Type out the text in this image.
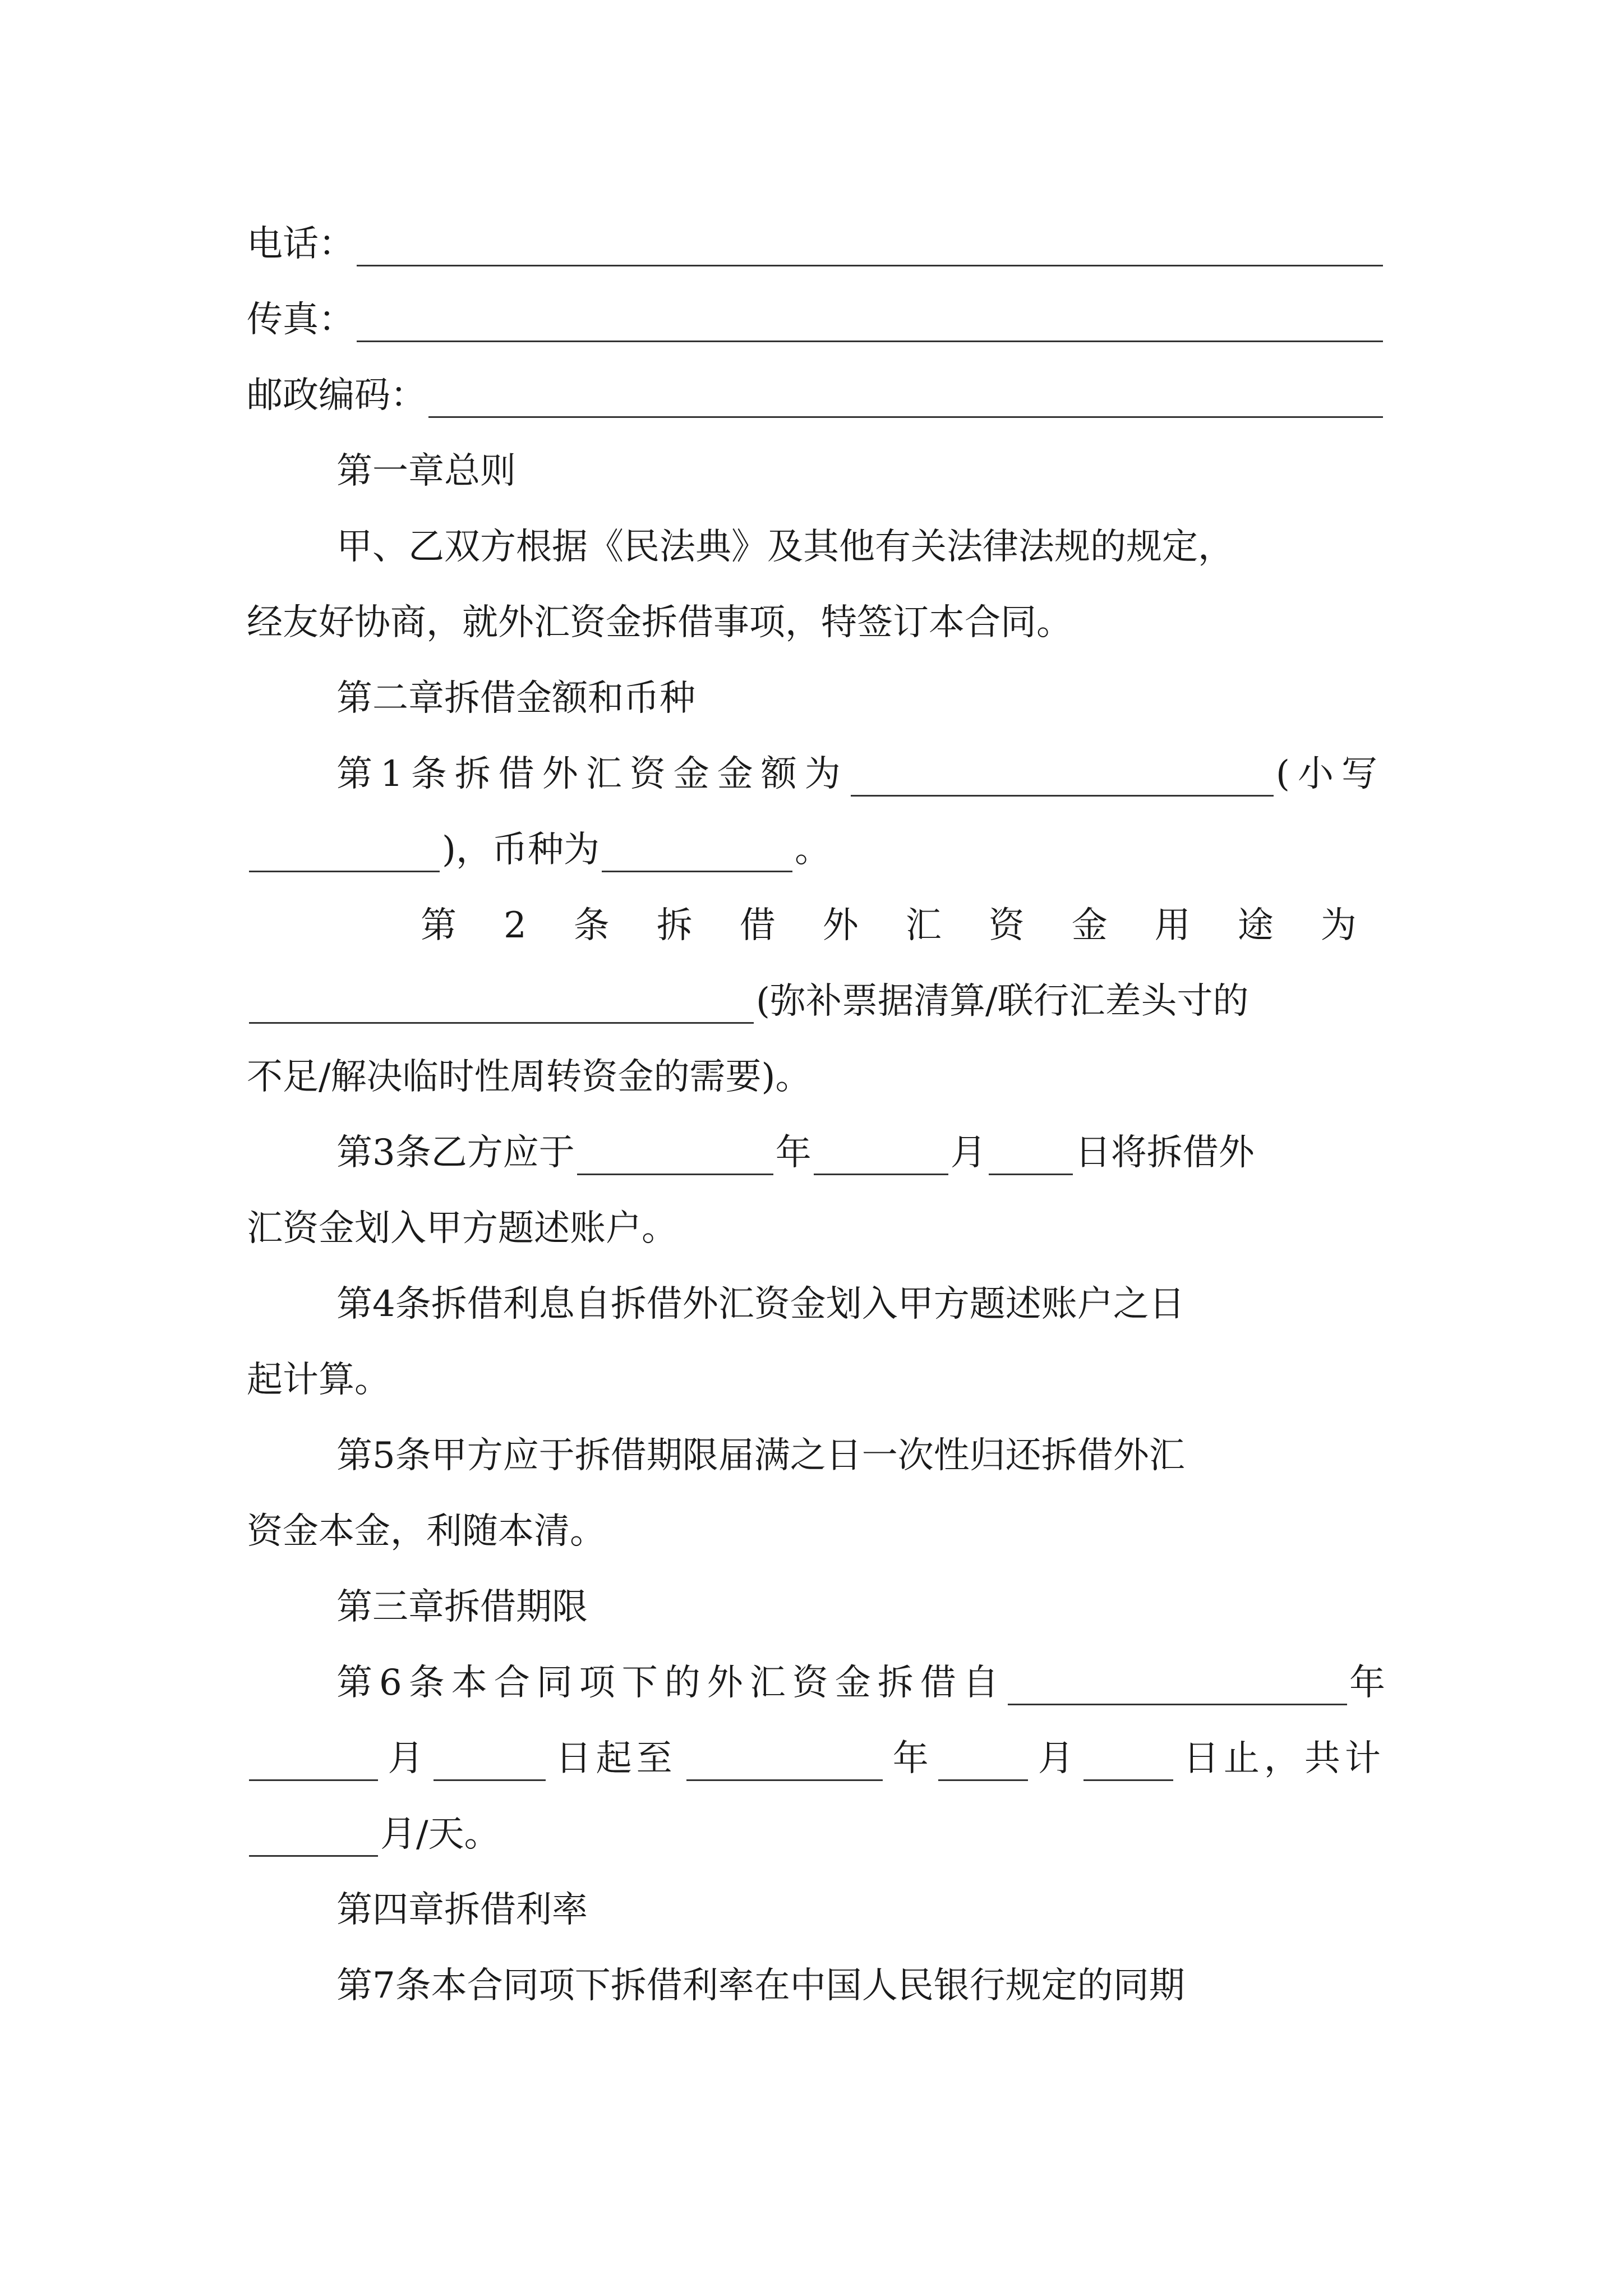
电话：
传真：
邮政编码：
第一章总则
甲、乙双方根据《民法典》及其他有关法律法规的规定，
经友好协商，就外汇资金拆借事项，特签订本合同。
第二章拆借金额和币种
第1条拆借外汇资金金额为	(小写
)，币种为	。
第2条拆借外汇资金用途为
(弥补票据清算/联行汇差头寸的
不足/解决临时性周转资金的需要)。
第3条乙方应于	年	月 日将拆借外
汇资金划入甲方题述账户。
第4条拆借利息自拆借外汇资金划入甲方题述账户之日
起计算。
第5条甲方应于拆借期限届满之日一次性归还拆借外汇
资金本金，利随本清。
第三章拆借期限
第6条本合同项下的外汇资金拆借自	年
月	日起至	年	月	日止，共计
月/天。
第四章拆借利率
第7条本合同项下拆借利率在中国人民银行规定的同期
